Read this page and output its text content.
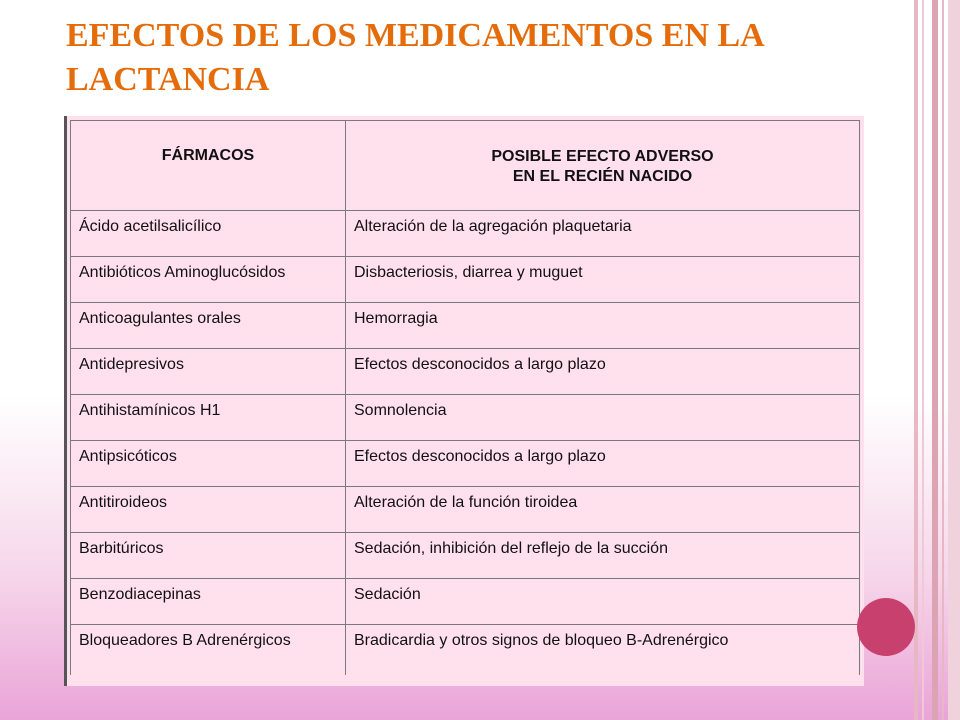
EFECTOS DE LOS MEDICAMENTOS EN LA LACTANCIA
FÁRMACOS	POSIBLE EFECTO ADVERSO
EN EL RECIÉN NACIDO

Ácido acetilsalicílico	Alteración de la agregación plaquetaria
Antibióticos Aminoglucósidos	Disbacteriosis, diarrea y muguet
Anticoagulantes orales	Hemorragia
Antidepresivos	Efectos desconocidos a largo plazo
Antihistamínicos H1	Somnolencia
Antipsicóticos	Efectos desconocidos a largo plazo
Antitiroideos	Alteración de la función tiroidea
Barbitúricos	Sedación, inhibición del reflejo de la succión
Benzodiacepinas	Sedación
Bloqueadores B Adrenérgicos	Bradicardia y otros signos de bloqueo B-Adrenérgico
